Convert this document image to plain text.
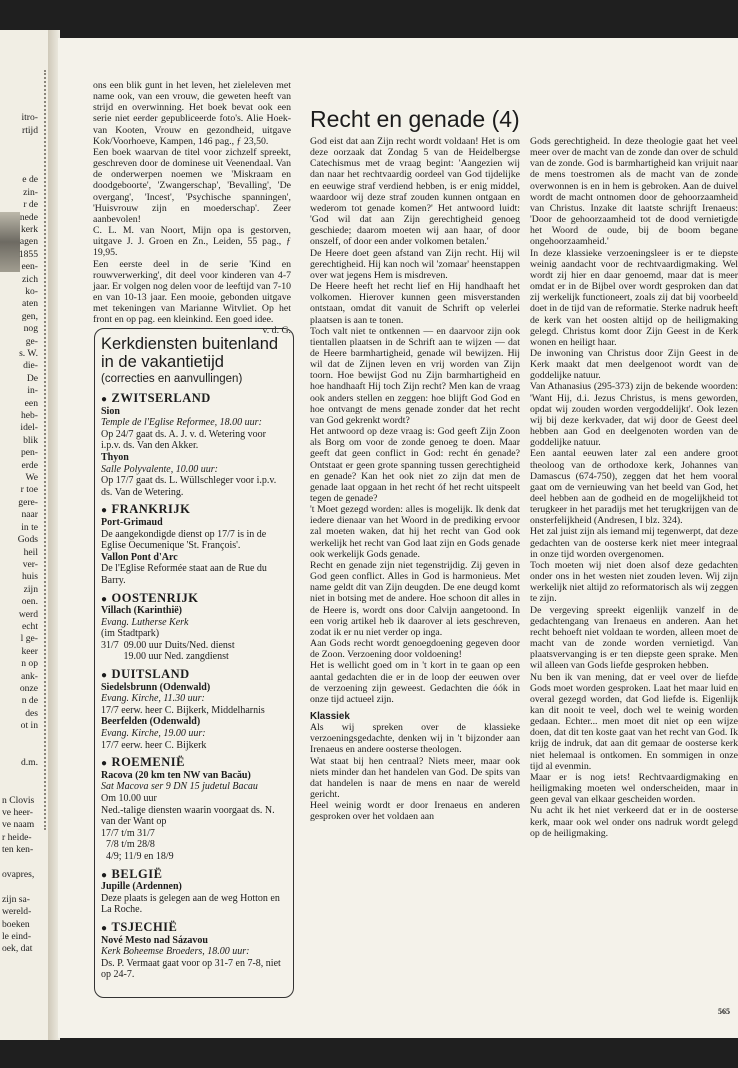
itro-
rtijd
e de
zin-
r de
nede
kerk
agen
1855
een-
zich
ko-
aten
gen,
nog
ge-
s. W.
die-
De
in-
een
heb-
idel-
blik
pen-
erde
We
r toe
gere-
naar
in te
Gods
heil
ver-
huis
zijn
oen.
werd
echt
l ge-
keer
n op
ank-
onze
n de
des
ot in
d.m.
n Clovis
ve heer-
ve naam
r heide-
ten ken-
ovapres,
zijn sa-
wereld-
boeken
le eind-
oek, dat

ons een blik gunt in het leven, het zieleleven met name ook, van een vrouw, die geweten heeft van strijd en overwinning. Het boek bevat ook een serie niet eerder gepubliceerde foto's. Alie Hoek-van Kooten, Vrouw en gezondheid, uitgave Kok/Voorhoeve, Kampen, 146 pag., ƒ 23,50.

Een boek waarvan de titel voor zichzelf spreekt, geschreven door de dominese uit Veenendaal. Van de onderwerpen noemen we 'Miskraam en doodgeboorte', 'Zwangerschap', 'Bevalling', 'De overgang', 'Incest', 'Psychische spanningen', 'Huisvrouw zijn en moederschap'. Zeer aanbevolen!

C. L. M. van Noort, Mijn opa is gestorven, uitgave J. J. Groen en Zn., Leiden, 55 pag., ƒ 19,95.

Een eerste deel in de serie 'Kind en rouwverwerking', dit deel voor kinderen van 4-7 jaar. Er volgen nog delen voor de leeftijd van 7-10 en van 10-13 jaar. Een mooie, gebonden uitgave met tekeningen van Marianne Witvliet. Op het front en op pag. een kleinkind. Een goed idee.

v. d. G.

Kerkdiensten buitenland in de vakantietijd
(correcties en aanvullingen)
● ZWITSERLAND
Sion
Temple de l'Eglise Reformee, 18.00 uur:
Op 24/7 gaat ds. A. J. v. d. Wetering voor i.p.v. ds. Van den Akker.
Thyon
Salle Polyvalente, 10.00 uur:
Op 17/7 gaat ds. L. Wüllschleger voor i.p.v. ds. Van de Wetering.
● FRANKRIJK
Port-Grimaud
De aangekondigde dienst op 17/7 is in de Eglise Oecumenique 'St. François'.
Vallon Pont d'Arc
De l'Eglise Reformée staat aan de Rue du Barry.
● OOSTENRIJK
Villach (Karinthië)
Evang. Lutherse Kerk
(im Stadtpark)
31/7  09.00 uur Duits/Ned. dienst
19.00 uur Ned. zangdienst
● DUITSLAND
Siedelsbrunn (Odenwald)
Evang. Kirche, 11.30 uur:
17/7 eerw. heer C. Bijkerk, Middelharnis
Beerfelden (Odenwald)
Evang. Kirche, 19.00 uur:
17/7 eerw. heer C. Bijkerk
● ROEMENIË
Racova (20 km ten NW van Bacău)
Sat Macova ser 9 DN 15 judetul Bacau
Om 10.00 uur
Ned.-talige diensten waarin voorgaat ds. N. van der Want op
17/7 t/m 31/7
7/8 t/m 28/8
4/9; 11/9 en 18/9
● BELGIË
Jupille (Ardennen)
Deze plaats is gelegen aan de weg Hotton en La Roche.
● TSJECHIË
Nové Mesto nad Sázavou
Kerk Boheemse Broeders, 18.00 uur:
Ds. P. Vermaat gaat voor op 31-7 en 7-8, niet op 24-7.
Recht en genade (4)

God eist dat aan Zijn recht wordt voldaan! Het is om deze oorzaak dat Zondag 5 van de Heidelbergse Catechismus met de vraag begint: 'Aangezien wij dan naar het rechtvaardig oordeel van God tijdelijke en eeuwige straf verdiend hebben, is er enig middel, waardoor wij deze straf zouden kunnen ontgaan en wederom tot genade komen?' Het antwoord luidt: 'God wil dat aan Zijn gerechtigheid genoeg geschiede; daarom moeten wij aan haar, of door onszelf, of door een ander volkomen betalen.'

De Heere doet geen afstand van Zijn recht. Hij wil gerechtigheid. Hij kan noch wil 'zomaar' heenstappen over wat jegens Hem is misdreven.

De Heere heeft het recht lief en Hij handhaaft het volkomen. Hierover kunnen geen misverstanden ontstaan, omdat dit vanuit de Schrift op velerlei plaatsen is aan te tonen.

Toch valt niet te ontkennen — en daarvoor zijn ook tientallen plaatsen in de Schrift aan te wijzen — dat de Heere barmhartigheid, genade wil bewijzen. Hij wil dat de Zijnen leven en vrij worden van Zijn toorn. Hoe bewijst God nu Zijn barmhartigheid en hoe handhaaft Hij toch Zijn recht? Men kan de vraag ook anders stellen en zeggen: hoe blijft God God en hoe ontvangt de mens genade zonder dat het recht van God gekrenkt wordt?

Het antwoord op deze vraag is: God geeft Zijn Zoon als Borg om voor de zonde genoeg te doen. Maar geeft dat geen conflict in God: recht én genade? Ontstaat er geen grote spanning tussen gerechtigheid en genade? Kan het ook niet zo zijn dat men de genade laat opgaan in het recht óf het recht uitspeelt tegen de genade?

't Moet gezegd worden: alles is mogelijk. Ik denk dat iedere dienaar van het Woord in de prediking ervoor zal moeten waken, dat hij het recht van God ook werkelijk het recht van God laat zijn en Gods genade ook werkelijk Gods genade.

Recht en genade zijn niet tegenstrijdig. Zij geven in God geen conflict. Alles in God is harmonieus. Met name geldt dit van Zijn deugden. De ene deugd komt niet in botsing met de andere. Hoe schoon dit alles in de Heere is, wordt ons door Calvijn aangetoond. In een vorig artikel heb ik daarover al iets geschreven, zodat ik er nu niet verder op inga.

Aan Gods recht wordt genoegdoening gegeven door de Zoon. Verzoening door voldoening!

Het is wellicht goed om in 't kort in te gaan op een aantal gedachten die er in de loop der eeuwen over de verzoening zijn geweest. Gedachten die óók in onze tijd actueel zijn.

Klassiek

Als wij spreken over de klassieke verzoeningsgedachte, denken wij in 't bijzonder aan Irenaeus en andere oosterse theologen.

Wat staat bij hen centraal? Niets meer, maar ook niets minder dan het handelen van God. De spits van dat handelen is naar de mens en naar de wereld gericht.

Heel weinig wordt er door Irenaeus en anderen gesproken over het voldaen aan

Gods gerechtigheid. In deze theologie gaat het veel meer over de macht van de zonde dan over de schuld van de zonde. God is barmhartigheid kan vrijuit naar de mens toestromen als de macht van de zonde overwonnen is en in hem is gebroken. Aan de duivel wordt de macht ontnomen door de gehoorzaamheid van Christus. Inzake dit laatste schrijft Irenaeus: 'Door de gehoorzaamheid tot de dood vernietigde het Woord de oude, bij de boom begane ongehoorzaamheid.'

In deze klassieke verzoeningsleer is er te diepste weinig aandacht voor de rechtvaardigmaking. Wel wordt zij hier en daar genoemd, maar dat is meer omdat er in de Bijbel over wordt gesproken dan dat zij werkelijk functioneert, zoals zij dat bij voorbeeld doet in de tijd van de reformatie. Sterke nadruk heeft de kerk van het oosten altijd op de heiligmaking gelegd. Christus komt door Zijn Geest in de Kerk wonen en heiligt haar.

De inwoning van Christus door Zijn Geest in de Kerk maakt dat men deelgenoot wordt van de goddelijke natuur.

Van Athanasius (295-373) zijn de bekende woorden: 'Want Hij, d.i. Jezus Christus, is mens geworden, opdat wij zouden worden vergoddelijkt'. Ook lezen wij bij deze kerkvader, dat wij door de Geest deel hebben aan God en deelgenoten worden van de goddelijke natuur.

Een aantal eeuwen later zal een andere groot theoloog van de orthodoxe kerk, Johannes van Damascus (674-750), zeggen dat het hem vooral gaat om de vernieuwing van het beeld van God, het deel hebben aan de godheid en de mogelijkheid tot terugkeer in het paradijs met het terugkrijgen van de onsterfelijkheid (Andresen, I blz. 324).

Het zal juist zijn als iemand mij tegenwerpt, dat deze gedachten van de oosterse kerk niet meer integraal in onze tijd worden overgenomen.

Toch moeten wij niet doen alsof deze gedachten onder ons in het westen niet zouden leven. Wij zijn werkelijk niet altijd zo reformatorisch als wij zeggen te zijn.

De vergeving spreekt eigenlijk vanzelf in de gedachtengang van Irenaeus en anderen. Aan het recht behoeft niet voldaan te worden, alleen moet de macht van de zonde worden vernietigd. Van plaatsvervanging is er ten diepste geen sprake. Men wil alleen van Gods liefde gesproken hebben.

Nu ben ik van mening, dat er veel over de liefde Gods moet worden gesproken. Laat het maar luid en overal gezegd worden, dat God liefde is. Eigenlijk kan dit nooit te veel, doch wel te weinig worden gedaan. Echter... men moet dit niet op een wijze doen, dat dit ten koste gaat van het recht van God. Ik krijg de indruk, dat aan dit gemaar de oosterse kerk niet helemaal is ontkomen. En sommigen in onze tijd al evenmin.

Maar er is nog iets! Rechtvaardigmaking en heiligmaking moeten wel onderscheiden, maar in geen geval van elkaar gescheiden worden.

Nu acht ik het niet verkeerd dat er in de oosterse kerk, maar ook wel onder ons nadruk wordt gelegd op de heiligmaking.

565
